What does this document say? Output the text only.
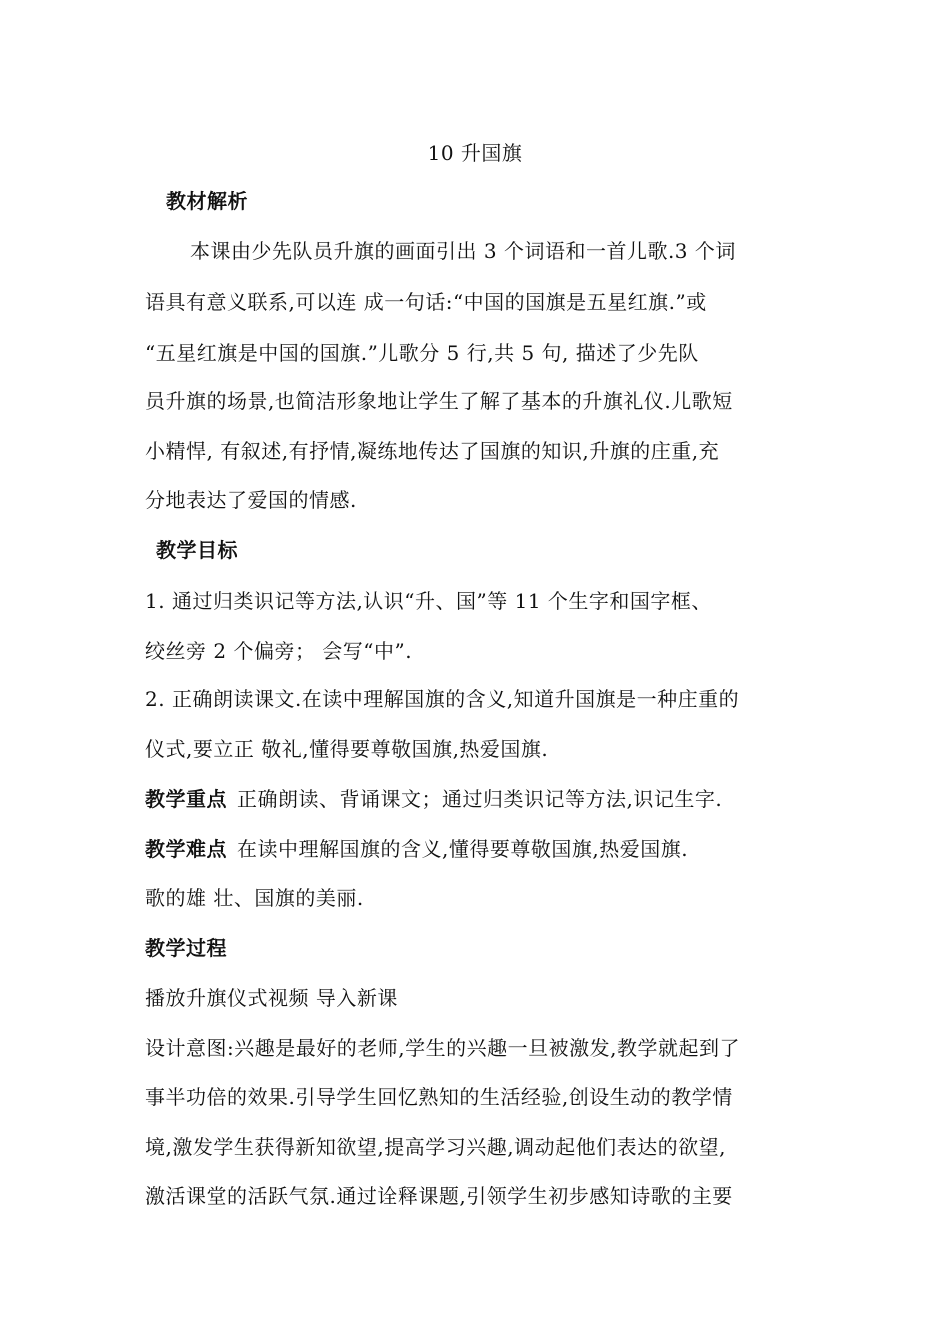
10 升国旗
教材解析
本课由少先队员升旗的画面引出 3 个词语和一首儿歌.3 个词
语具有意义联系,可以连 成一句话:“中国的国旗是五星红旗.”或
“五星红旗是中国的国旗.”儿歌分 5 行,共 5 句, 描述了少先队
员升旗的场景,也简洁形象地让学生了解了基本的升旗礼仪.儿歌短
小精悍, 有叙述,有抒情,凝练地传达了国旗的知识,升旗的庄重,充
分地表达了爱国的情感.
教学目标
1. 通过归类识记等方法,认识“升、国”等 11 个生字和国字框、
绞丝旁 2 个偏旁； 会写“中”.
2. 正确朗读课文.在读中理解国旗的含义,知道升国旗是一种庄重的
仪式,要立正 敬礼,懂得要尊敬国旗,热爱国旗.
教学重点 正确朗读、背诵课文；通过归类识记等方法,识记生字.
教学难点 在读中理解国旗的含义,懂得要尊敬国旗,热爱国旗.
歌的雄 壮、国旗的美丽.
教学过程
播放升旗仪式视频 导入新课
设计意图:兴趣是最好的老师,学生的兴趣一旦被激发,教学就起到了
事半功倍的效果.引导学生回忆熟知的生活经验,创设生动的教学情
境,激发学生获得新知欲望,提高学习兴趣,调动起他们表达的欲望,
激活课堂的活跃气氛.通过诠释课题,引领学生初步感知诗歌的主要
